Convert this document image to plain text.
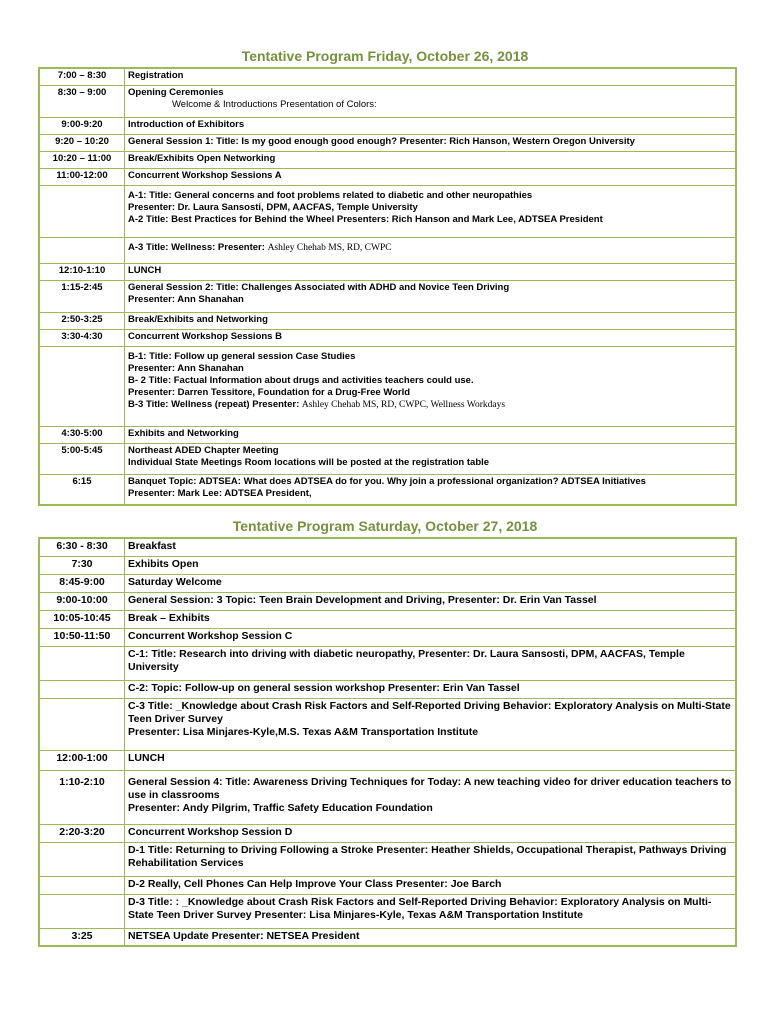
Tentative Program Friday, October 26, 2018
7:00 – 8:30	Registration
8:30 – 9:00	Opening Ceremonies
Welcome & Introductions Presentation of Colors:

9:00-9:20	Introduction of Exhibitors
9:20 – 10:20	General Session 1: Title: Is my good enough good enough? Presenter: Rich Hanson, Western Oregon University
10:20 – 11:00	Break/Exhibits Open Networking
11:00-12:00	Concurrent Workshop Sessions A

	A-1: Title: General concerns and foot problems related to diabetic and other neuropathies
Presenter: Dr. Laura Sansosti, DPM, AACFAS, Temple University
A-2 Title: Best Practices for Behind the Wheel Presenters: Rich Hanson and Mark Lee, ADTSEA President

	A-3 Title: Wellness: Presenter: Ashley Chehab MS, RD, CWPC
12:10-1:10	LUNCH
1:15-2:45	General Session 2: Title: Challenges Associated with ADHD and Novice Teen Driving
Presenter: Ann Shanahan

2:50-3:25	Break/Exhibits and Networking
3:30-4:30	Concurrent Workshop Sessions B

	B-1: Title: Follow up general session Case Studies
Presenter: Ann Shanahan
B- 2 Title: Factual Information about drugs and activities teachers could use.
Presenter: Darren Tessitore, Foundation for a Drug-Free World
B-3 Title: Wellness (repeat) Presenter: Ashley Chehab MS, RD, CWPC, Wellness Workdays

4:30-5:00	Exhibits and Networking
5:00-5:45	Northeast ADED Chapter Meeting
Individual State Meetings Room locations will be posted at the registration table

6:15	Banquet Topic: ADTSEA: What does ADTSEA do for you. Why join a professional organization? ADTSEA Initiatives
Presenter: Mark Lee: ADTSEA President,
Tentative Program Saturday, October 27, 2018
6:30 - 8:30	Breakfast
7:30	Exhibits Open
8:45-9:00	Saturday Welcome
9:00-10:00	General Session: 3 Topic: Teen Brain Development and Driving, Presenter: Dr. Erin Van Tassel
10:05-10:45	Break – Exhibits
10:50-11:50	Concurrent Workshop Session C
	C-1: Title: Research into driving with diabetic neuropathy, Presenter: Dr. Laura Sansosti, DPM, AACFAS, Temple University
	C-2: Topic: Follow-up on general session workshop Presenter: Erin Van Tassel

	C-3 Title: _Knowledge about Crash Risk Factors and Self-Reported Driving Behavior: Exploratory Analysis on Multi-State Teen Driver Survey
Presenter: Lisa Minjares-Kyle,M.S. Texas A&M Transportation Institute

12:00-1:00	LUNCH
1:10-2:10	General Session 4: Title: Awareness Driving Techniques for Today: A new teaching video for driver education teachers to use in classrooms
Presenter: Andy Pilgrim, Traffic Safety Education Foundation

2:20-3:20	Concurrent Workshop Session D
	D-1 Title: Returning to Driving Following a Stroke Presenter: Heather Shields, Occupational Therapist, Pathways Driving Rehabilitation Services
	D-2 Really, Cell Phones Can Help Improve Your Class Presenter: Joe Barch
	D-3 Title: : _Knowledge about Crash Risk Factors and Self-Reported Driving Behavior: Exploratory Analysis on Multi-State Teen Driver Survey Presenter: Lisa Minjares-Kyle, Texas A&M Transportation Institute
3:25	NETSEA Update Presenter: NETSEA President
